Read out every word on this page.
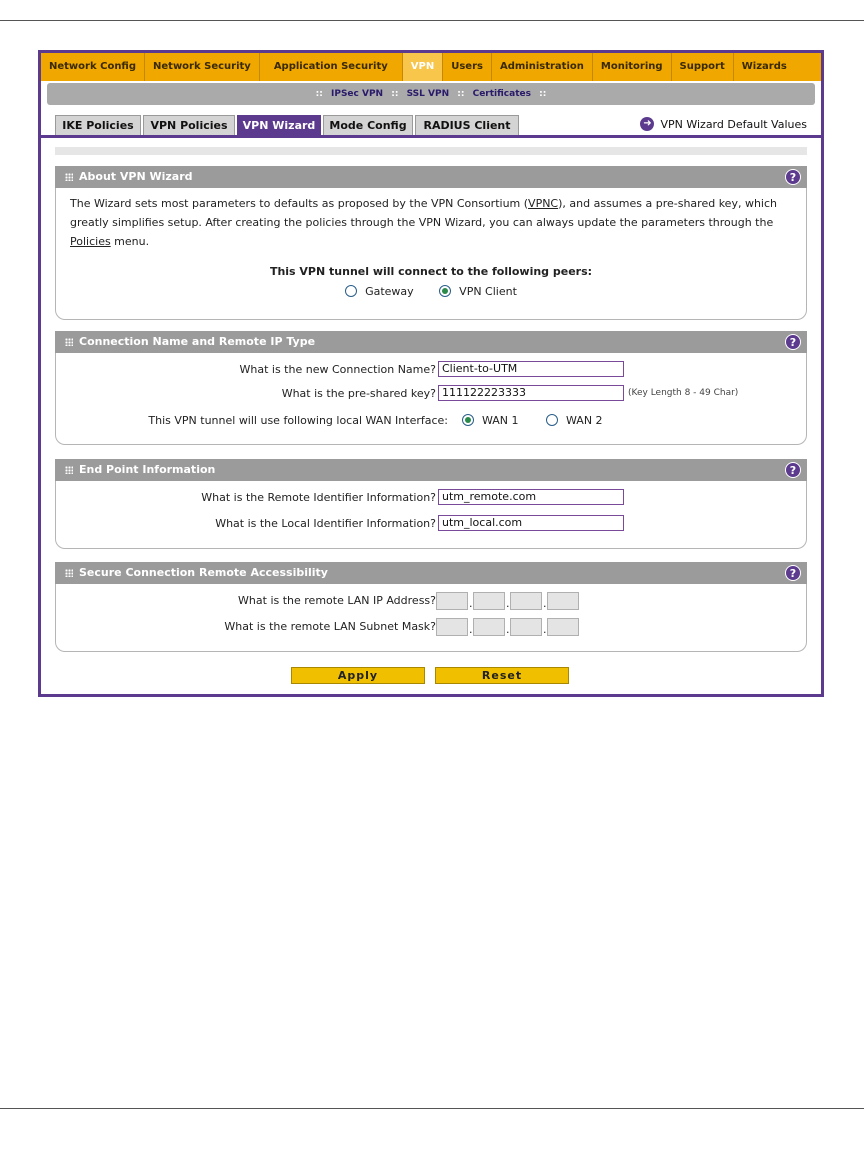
Network Config	Network Security	Application Security	VPN	Users	Administration	Monitoring	Support	Wizards
:: IPSec VPN :: SSL VPN :: Certificates ::
IKE Policies	VPN Policies	VPN Wizard	Mode Config	RADIUS Client	➜ VPN Wizard Default Values
About VPN Wizard	?
The Wizard sets most parameters to defaults as proposed by the VPN Consortium (VPNC), and assumes a pre-shared key, which greatly simplifies setup. After creating the policies through the VPN Wizard, you can always update the parameters through the Policies menu.
This VPN tunnel will connect to the following peers:
Gateway	VPN Client
Connection Name and Remote IP Type	?
What is the new Connection Name? Client-to-UTM
What is the pre-shared key? 111122223333	(Key Length 8 - 49 Char)
This VPN tunnel will use following local WAN Interface:	WAN 1	WAN 2
End Point Information	?
What is the Remote Identifier Information? utm_remote.com
What is the Local Identifier Information? utm_local.com
Secure Connection Remote Accessibility	?
What is the remote LAN IP Address?	.	.	.
What is the remote LAN Subnet Mask?	.	.	.
Apply	Reset
